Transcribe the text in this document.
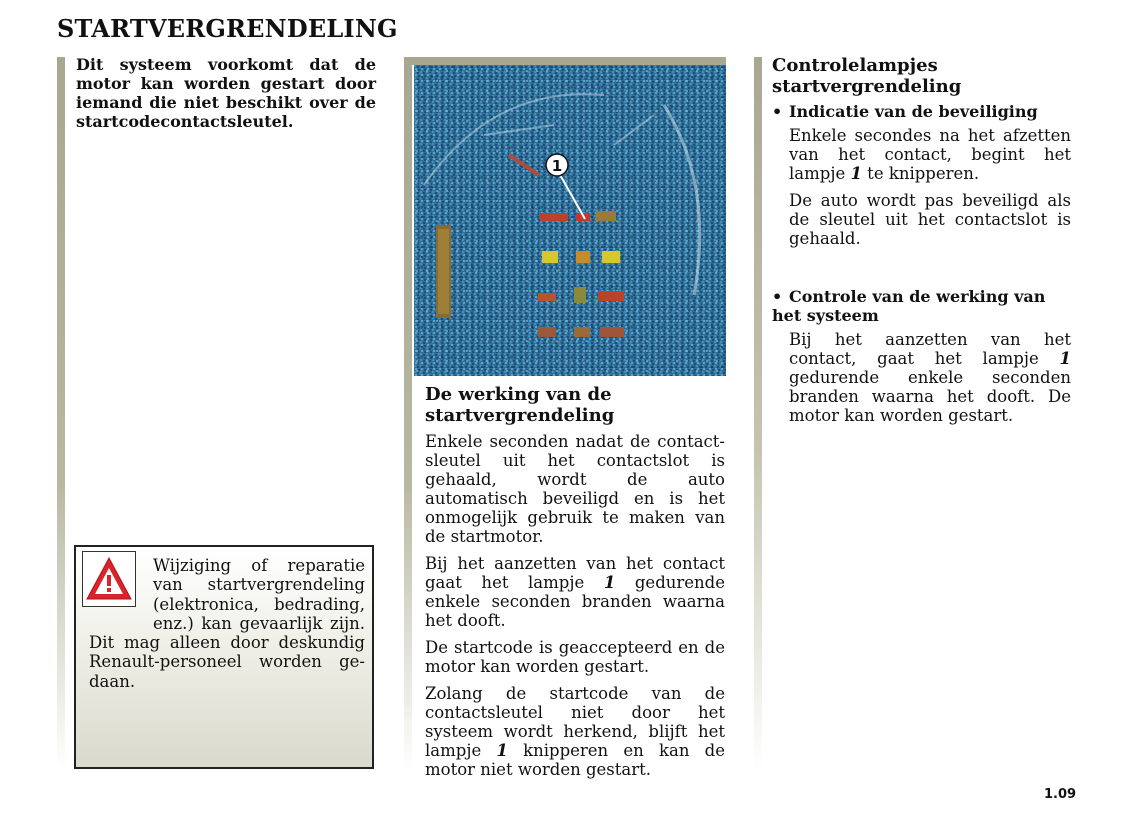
STARTVERGRENDELING

Dit systeem voorkomt dat de motor kan worden gestart door iemand die niet beschikt over de startcodecontactsleutel.

Wijziging of reparatie van startvergrendeling (elektronica, bedrading, enz.) kan gevaarlijk zijn. Dit mag alleen door deskundig Renault-personeel worden gedaan.

1
De werking van de startvergrendeling

Enkele seconden nadat de contactsleutel uit het contactslot is gehaald, wordt de auto automatisch beveiligd en is het onmogelijk gebruik te maken van de startmotor.

Bij het aanzetten van het contact gaat het lampje 1 gedurende enkele seconden branden waarna het dooft.

De startcode is geaccepteerd en de motor kan worden gestart.

Zolang de startcode van de contactsleutel niet door het systeem wordt herkend, blijft het lampje 1 knipperen en kan de motor niet worden gestart.

Controlelampjes startvergrendeling
• Indicatie van de beveiliging

Enkele secondes na het afzetten van het contact, begint het lampje 1 te knipperen.

De auto wordt pas beveiligd als de sleutel uit het contactslot is gehaald.

• Controle van de werking van het systeem

Bij het aanzetten van het contact, gaat het lampje 1 gedurende enkele seconden branden waarna het dooft. De motor kan worden gestart.

1.09
